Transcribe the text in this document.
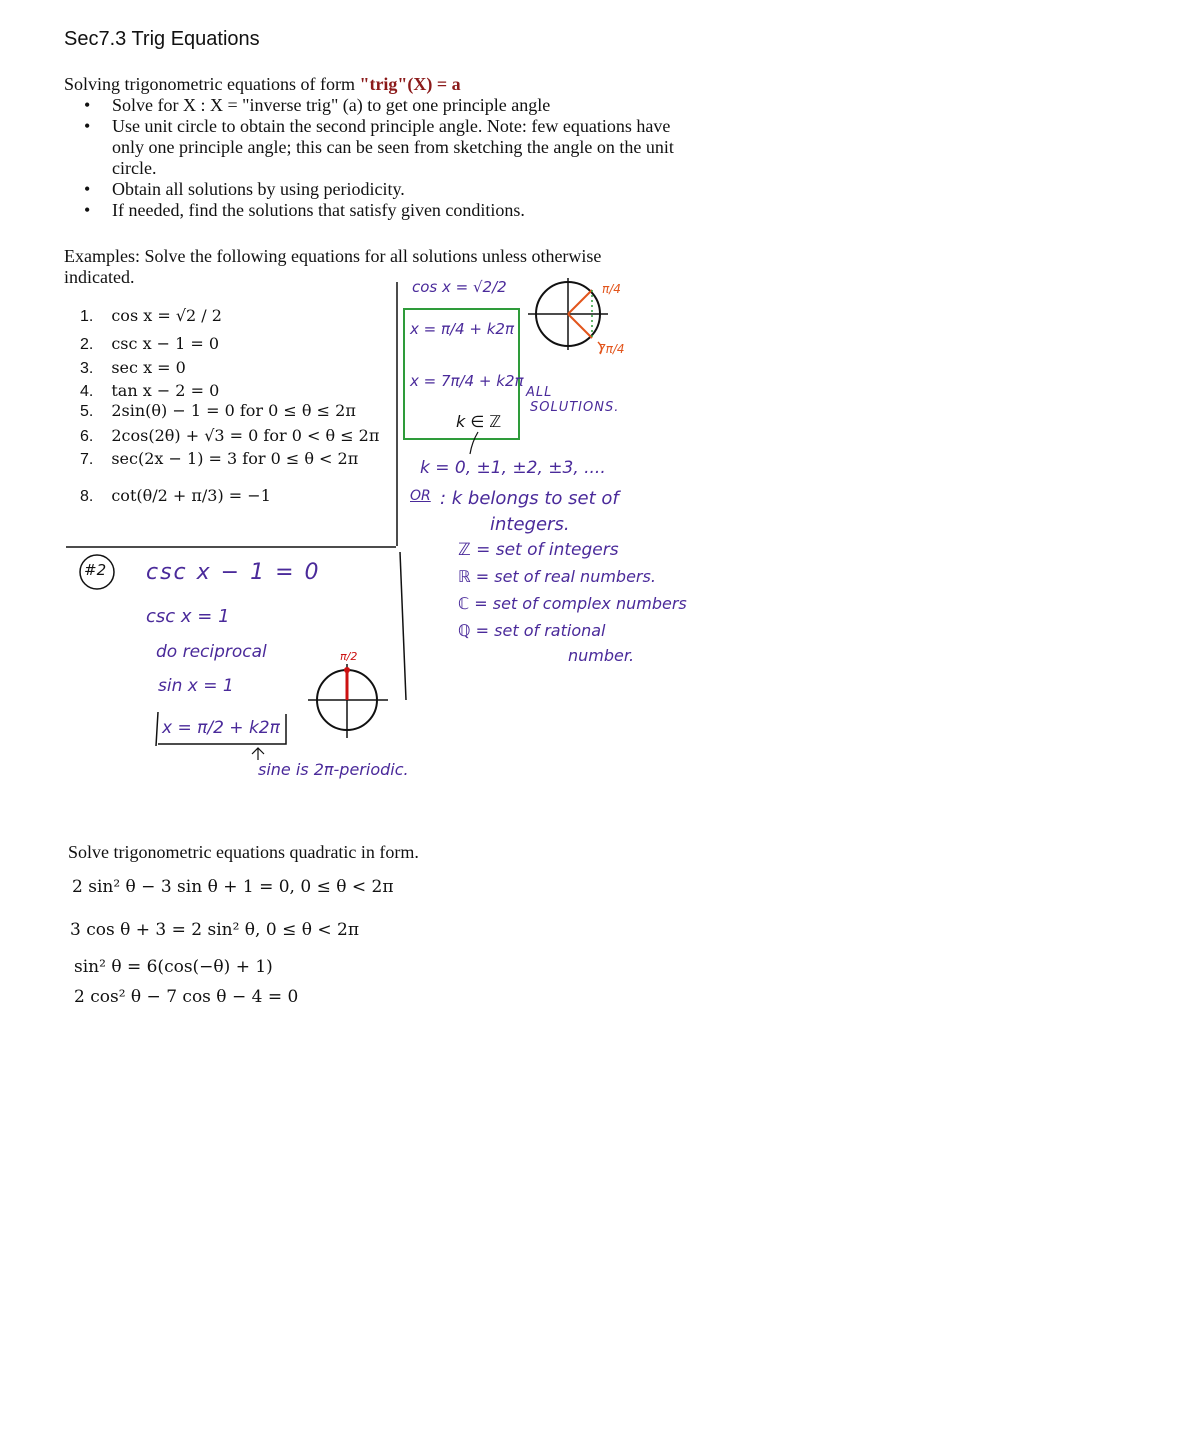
Sec7.3 Trig Equations
Solving trigonometric equations of form "trig"(X) = a
• Solve for X : X = "inverse trig" (a) to get one principle angle
• Use unit circle to obtain the second principle angle. Note: few equations have only one principle angle; this can be seen from sketching the angle on the unit circle.
• Obtain all solutions by using periodicity.
• If needed, find the solutions that satisfy given conditions.
Examples: Solve the following equations for all solutions unless otherwise indicated.
1. cos x = √2 / 2
2. csc x − 1 = 0
3. sec x = 0
4. tan x − 2 = 0
5. 2sin(θ) − 1 = 0 for 0 ≤ θ ≤ 2π
6. 2cos(2θ) + √3 = 0 for 0 < θ ≤ 2π
7. sec(2x − 1) = 3 for 0 ≤ θ < 2π
8. cot(θ/2 + π/3) = −1
cos x = √2/2
x = π/4 + k2π
x = 7π/4 + k2π
k ∈ ℤ
ALL
SOLUTIONS.
π/4
7π/4
k = 0, ±1, ±2, ±3, ....
OR : k belongs to set of
integers.
ℤ = set of integers
ℝ = set of real numbers.
ℂ = set of complex numbers
ℚ = set of rational
number.
#2 csc x − 1 = 0
csc x = 1
do reciprocal
sin x = 1
x = π/2 + k2π
π/2
sine is 2π-periodic.
Solve trigonometric equations quadratic in form.
2 sin² θ − 3 sin θ + 1 = 0, 0 ≤ θ < 2π
3 cos θ + 3 = 2 sin² θ, 0 ≤ θ < 2π
sin² θ = 6(cos(−θ) + 1)
2 cos² θ − 7 cos θ − 4 = 0
